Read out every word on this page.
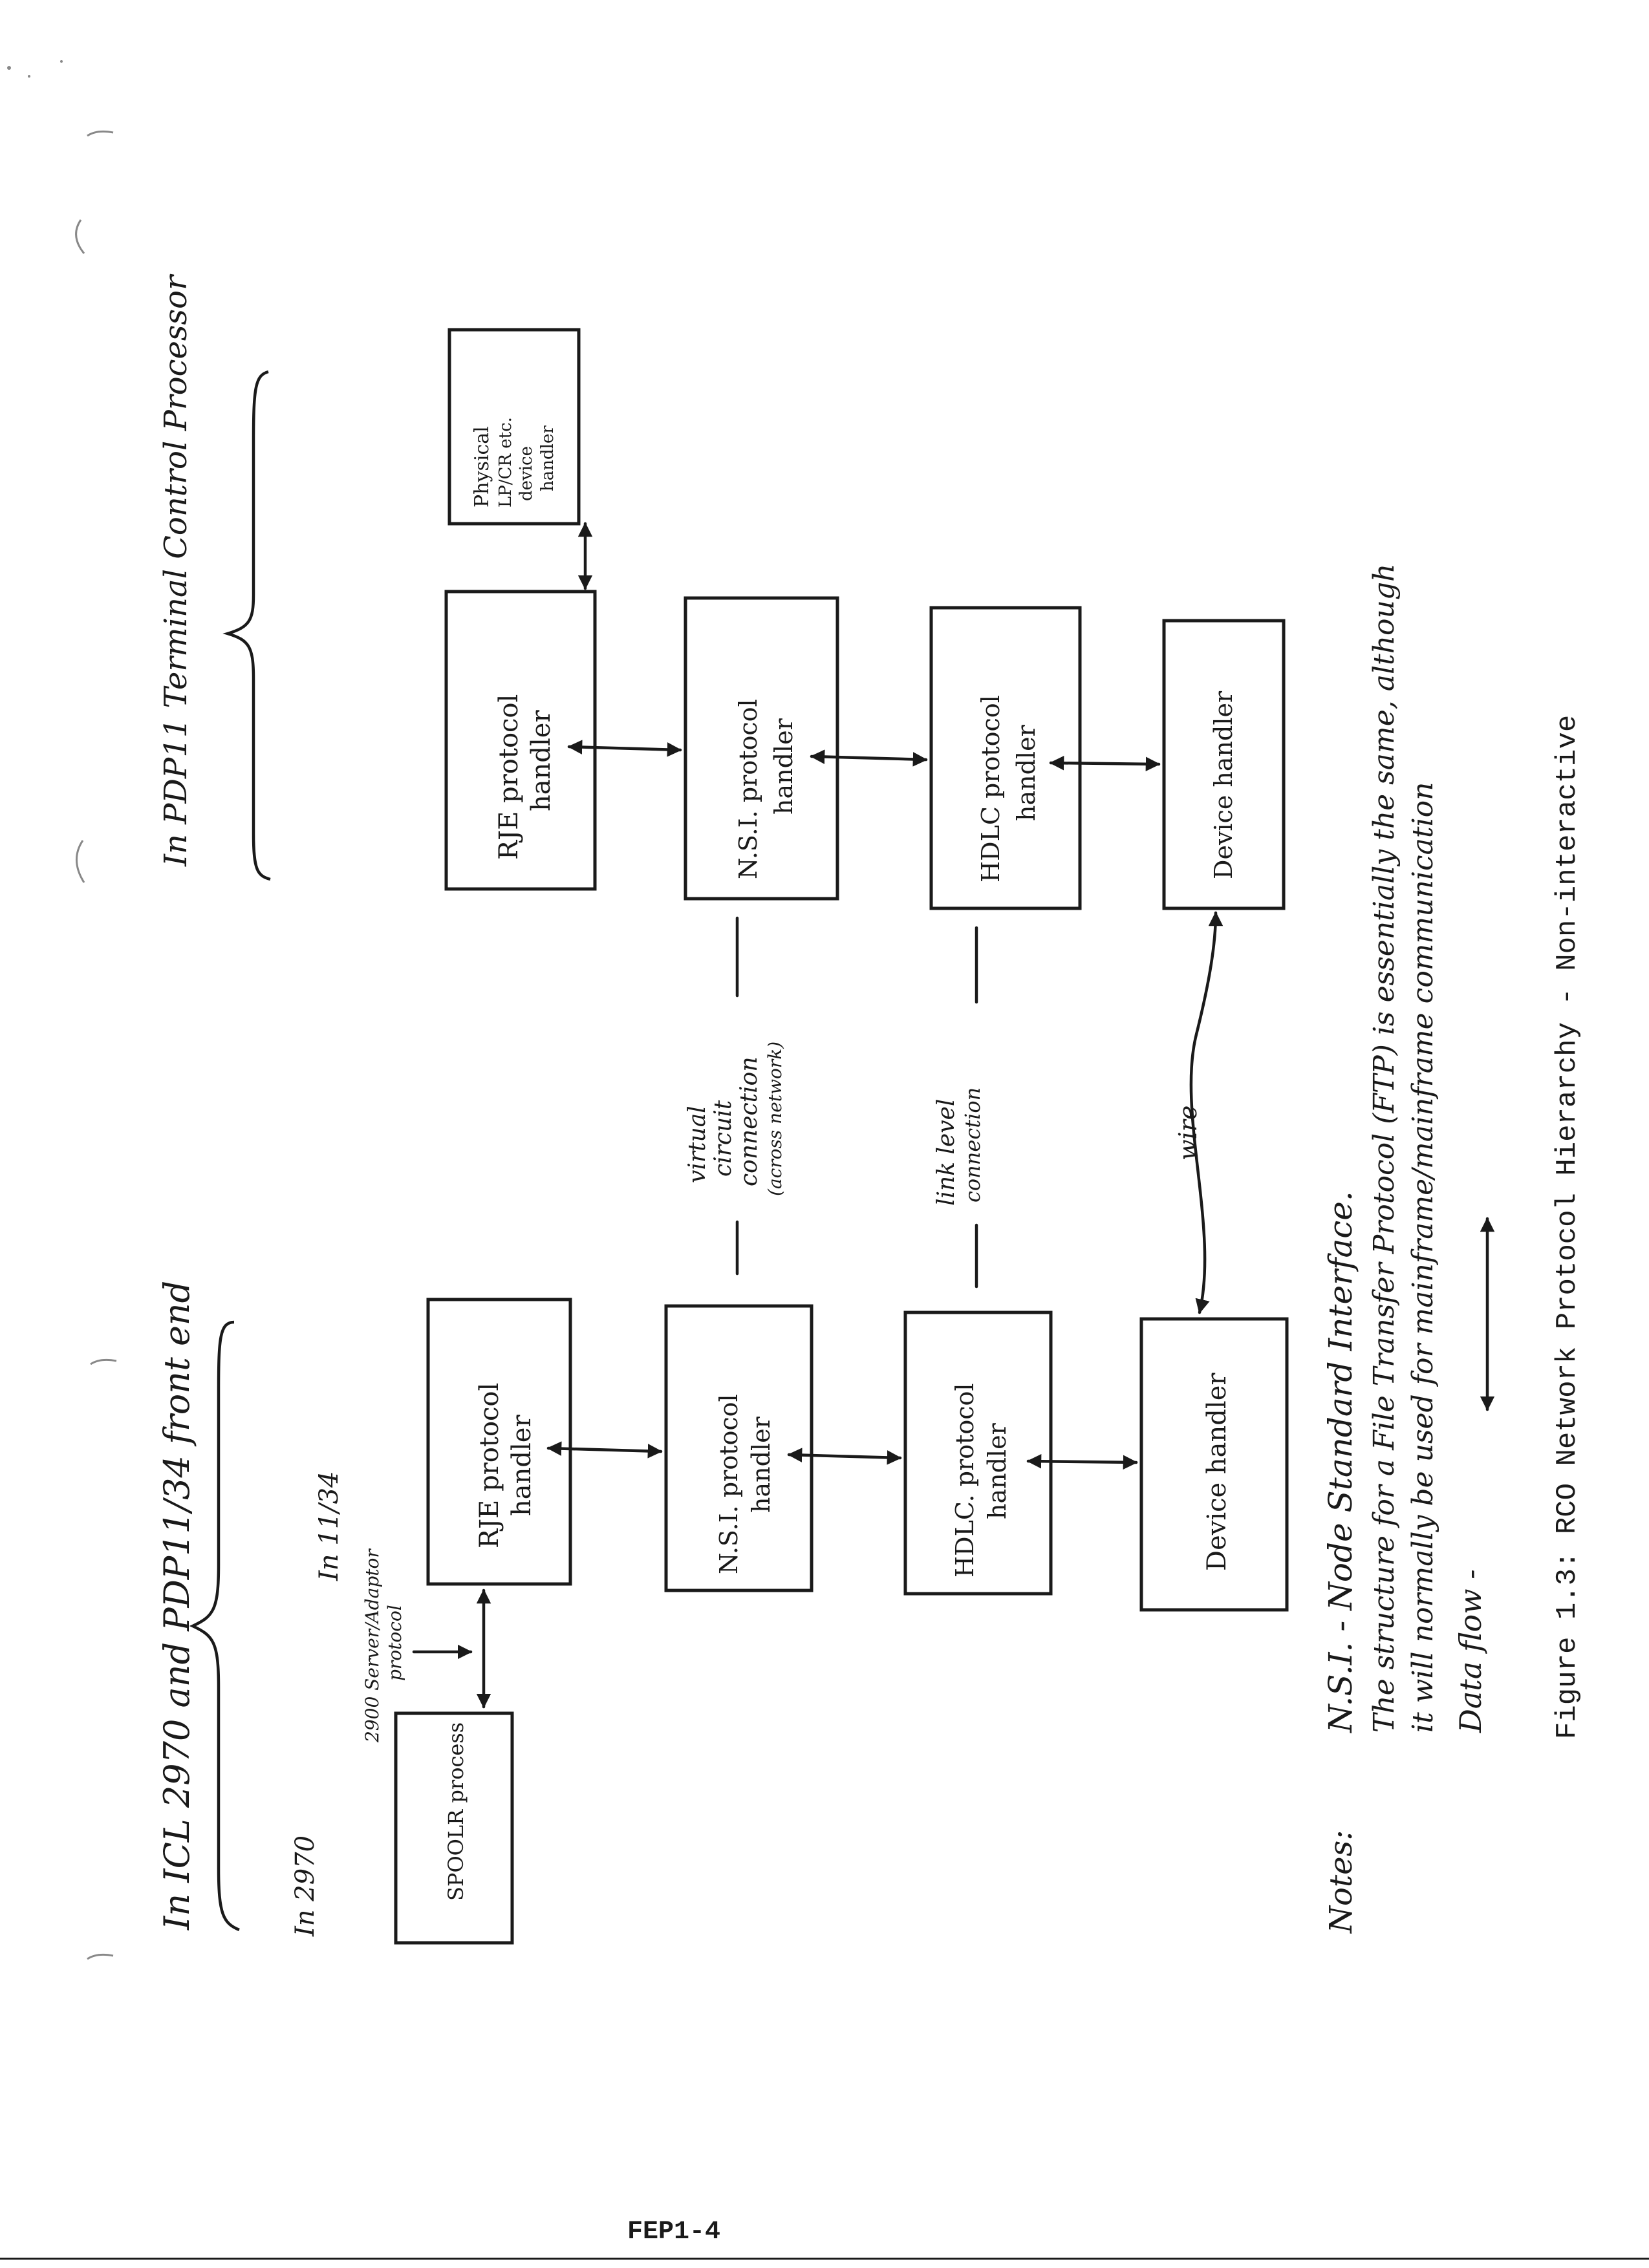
In ICL 2970 and PDP11/34 front end
In PDP11 Terminal Control Processor
In 2970
In 11/34
SPOOLR process
2900 Server/Adaptor protocol
RJE protocol handler	N.S.I. protocol handler	HDLC. protocol handler	Device handler
RJE protocol handler	N.S.I. protocol handler	HDLC protocol handler	Device handler
Physical LP/CR etc. device handler
virtual circuit connection (across network)	link level connection	wire
Notes:
N.S.I. - Node Standard Interface. The structure for a File Transfer Protocol (FTP) is essentially the same, although it will normally be used for mainframe/mainframe communication Data flow - Figure 1.3: RCO Network Protocol Hierarchy - Non-interactive
FEP1-4
